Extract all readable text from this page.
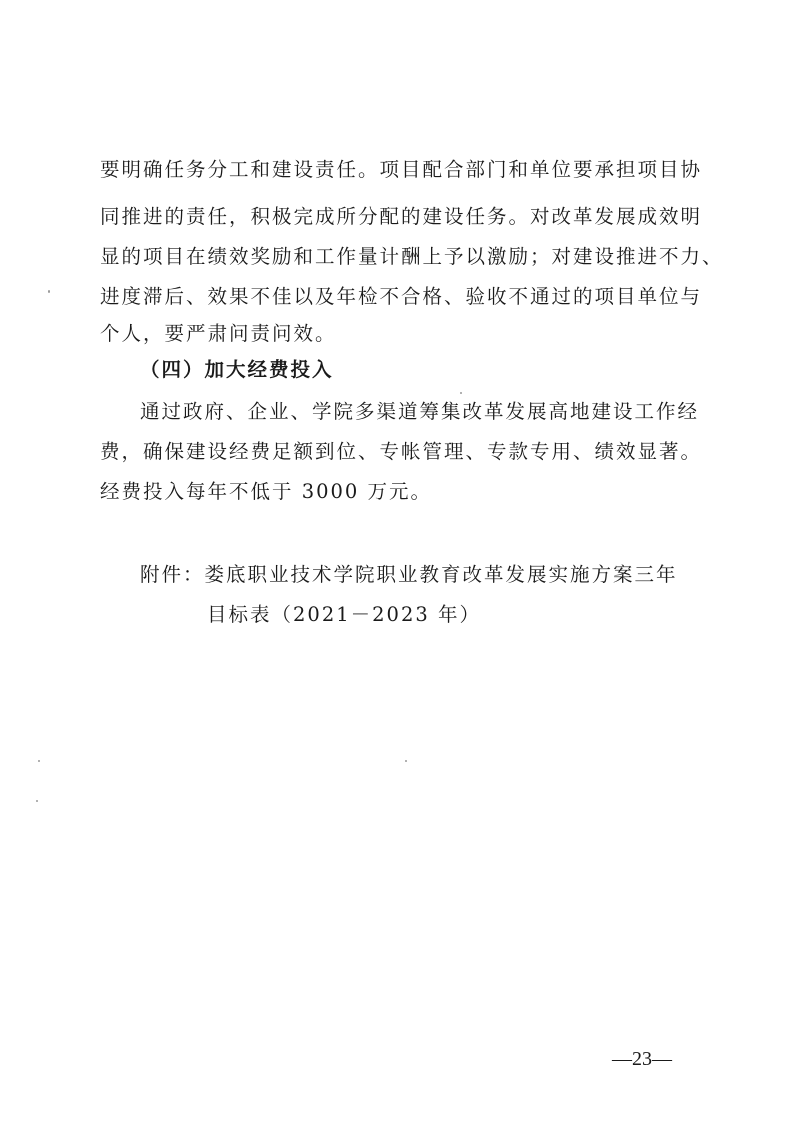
要明确任务分工和建设责任。项目配合部门和单位要承担项目协
同推进的责任，积极完成所分配的建设任务。对改革发展成效明
显的项目在绩效奖励和工作量计酬上予以激励；对建设推进不力、
进度滞后、效果不佳以及年检不合格、验收不通过的项目单位与
个人，要严肃问责问效。
（四）加大经费投入
通过政府、企业、学院多渠道筹集改革发展高地建设工作经
费，确保建设经费足额到位、专帐管理、专款专用、绩效显著。
经费投入每年不低于 3000 万元。
附件：娄底职业技术学院职业教育改革发展实施方案三年
目标表（2021－2023 年）
—23—
